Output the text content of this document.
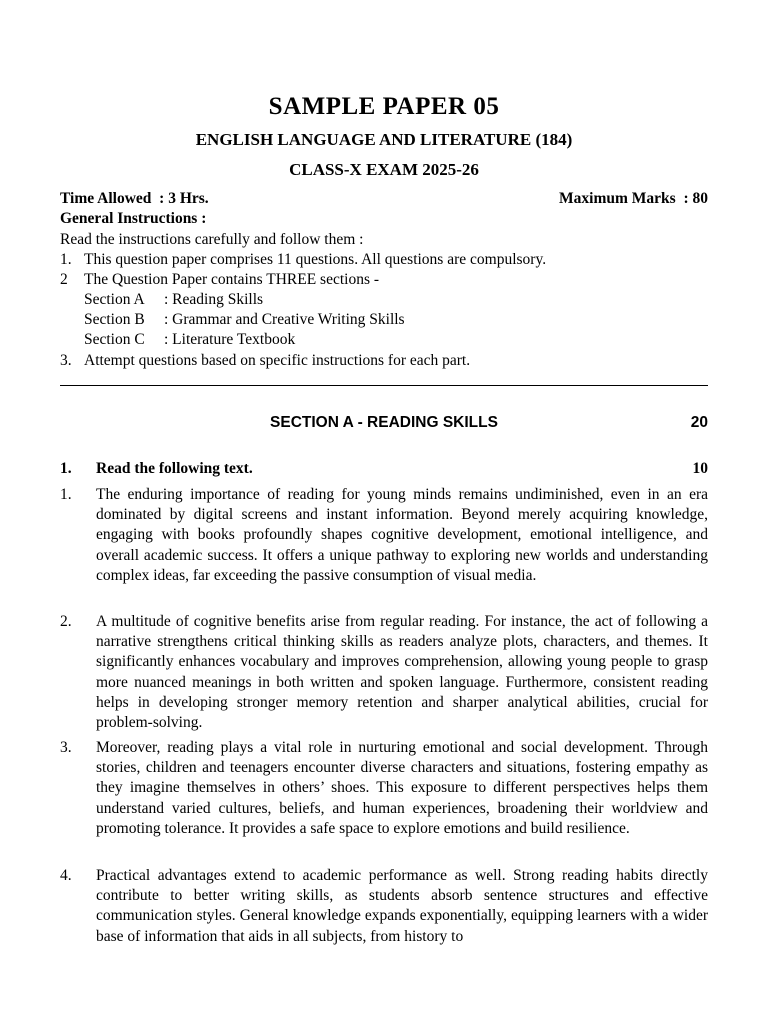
SAMPLE PAPER 05
ENGLISH LANGUAGE AND LITERATURE (184)
CLASS-X EXAM 2025-26
Time Allowed  : 3 Hrs.	Maximum Marks  : 80
General Instructions :
Read the instructions carefully and follow them :
1. This question paper comprises 11 questions. All questions are compulsory.
2 The Question Paper contains THREE sections -
Section A : Reading Skills
Section B : Grammar and Creative Writing Skills
Section C : Literature Textbook
3. Attempt questions based on specific instructions for each part.
SECTION A - READING SKILLS	20
1. Read the following text.	10
1. The enduring importance of reading for young minds remains undiminished, even in an era dominated by digital screens and instant information. Beyond merely acquiring knowledge, engaging with books profoundly shapes cognitive development, emotional intelligence, and overall academic success. It offers a unique pathway to exploring new worlds and understanding complex ideas, far exceeding the passive consumption of visual media.
2. A multitude of cognitive benefits arise from regular reading. For instance, the act of following a narrative strengthens critical thinking skills as readers analyze plots, characters, and themes. It significantly enhances vocabulary and improves comprehension, allowing young people to grasp more nuanced meanings in both written and spoken language. Furthermore, consistent reading helps in developing stronger memory retention and sharper analytical abilities, crucial for problem-solving.
3. Moreover, reading plays a vital role in nurturing emotional and social development. Through stories, children and teenagers encounter diverse characters and situations, fostering empathy as they imagine themselves in others’ shoes. This exposure to different perspectives helps them understand varied cultures, beliefs, and human experiences, broadening their worldview and promoting tolerance. It provides a safe space to explore emotions and build resilience.
4. Practical advantages extend to academic performance as well. Strong reading habits directly contribute to better writing skills, as students absorb sentence structures and effective communication styles. General knowledge expands exponentially, equipping learners with a wider base of information that aids in all subjects, from history to
